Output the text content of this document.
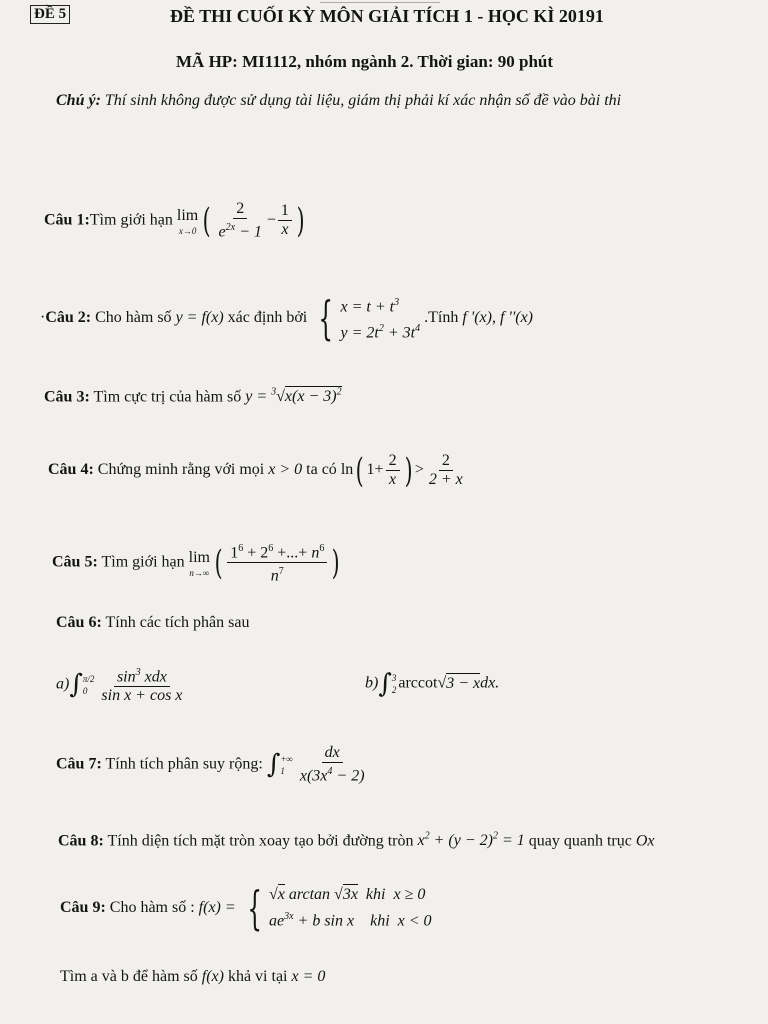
ĐỀ 5	ĐỀ THI CUỐI KỲ MÔN GIẢI TÍCH 1 - HỌC KÌ 20191
MÃ HP: MI1112, nhóm ngành 2. Thời gian: 90 phút
Chú ý: Thí sinh không được sử dụng tài liệu, giám thị phải kí xác nhận số đề vào bài thi
Câu 1:Tìm giới hạn lim
x→0 ( $\frac{2}{e^{2x} - 1} - \frac{1}{x}$ )
·Câu 2: Cho hàm số y = f(x) xác định bởi { $x = t + t^3$
$y = 2t^2 + 3t^4$
.Tính f '(x), f ''(x)
Câu 3: Tìm cực trị của hàm số $y = ^3√x(x - 3)^2$
Câu 4: Chứng minh rằng với mọi x > 0 ta có ln( $1+ \frac{2}{x}$ ) > $\frac{2}{2 + x}$
Câu 5: Tìm giới hạn lim
n→∞ ( $\frac{1^6 + 2^6 +...+ n^6}{n^7}$ )
Câu 6: Tính các tích phân sau
a)∫ π/2
$0 \frac{\sin^3 xdx}{\text{sin x + cos x}}$	b)∫ 3
2 arccot√3 − xdx.
Câu 7: Tính tích phân suy rộng: ∫ +∞
$1 \frac{dx}{x(3x^4 - 2)}$
Câu 8: Tính diện tích mặt tròn xoay tạo bởi đường tròn $x^2 + (y - 2)^2 = 1$ quay quanh trục Ox
Câu 9: Cho hàm số : f(x) = { √x arctan √3x khi  x ≥ 0
$ae^{3x} + b$ sin x    khi  x < 0
Tìm a và b để hàm số f(x) khả vi tại x = 0
